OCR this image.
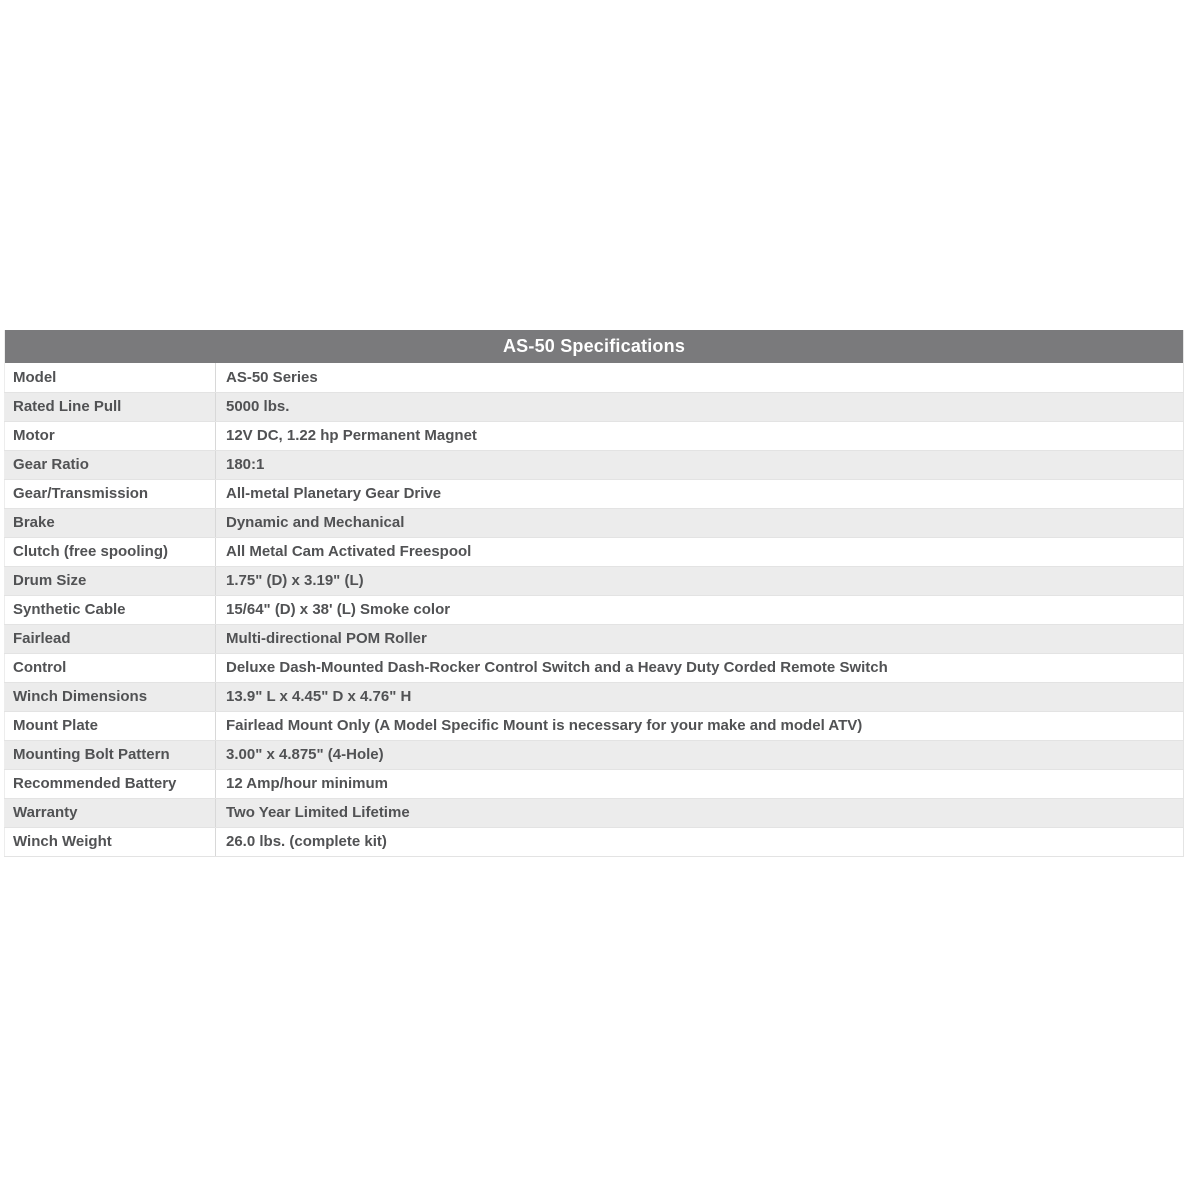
AS-50 Specifications	
Model	AS-50 Series
Rated Line Pull	5000 lbs.
Motor	12V DC, 1.22 hp Permanent Magnet
Gear Ratio	180:1
Gear/Transmission	All-metal Planetary Gear Drive
Brake	Dynamic and Mechanical
Clutch (free spooling)	All Metal Cam Activated Freespool
Drum Size	1.75" (D) x 3.19" (L)
Synthetic Cable	15/64" (D) x 38' (L) Smoke color
Fairlead	Multi-directional POM Roller
Control	Deluxe Dash-Mounted Dash-Rocker Control Switch and a Heavy Duty Corded Remote Switch
Winch Dimensions	13.9" L x 4.45" D x 4.76" H
Mount Plate	Fairlead Mount Only (A Model Specific Mount is necessary for your make and model ATV)
Mounting Bolt Pattern	3.00" x 4.875" (4-Hole)
Recommended Battery	12 Amp/hour minimum
Warranty	Two Year Limited Lifetime
Winch Weight	26.0 lbs. (complete kit)
